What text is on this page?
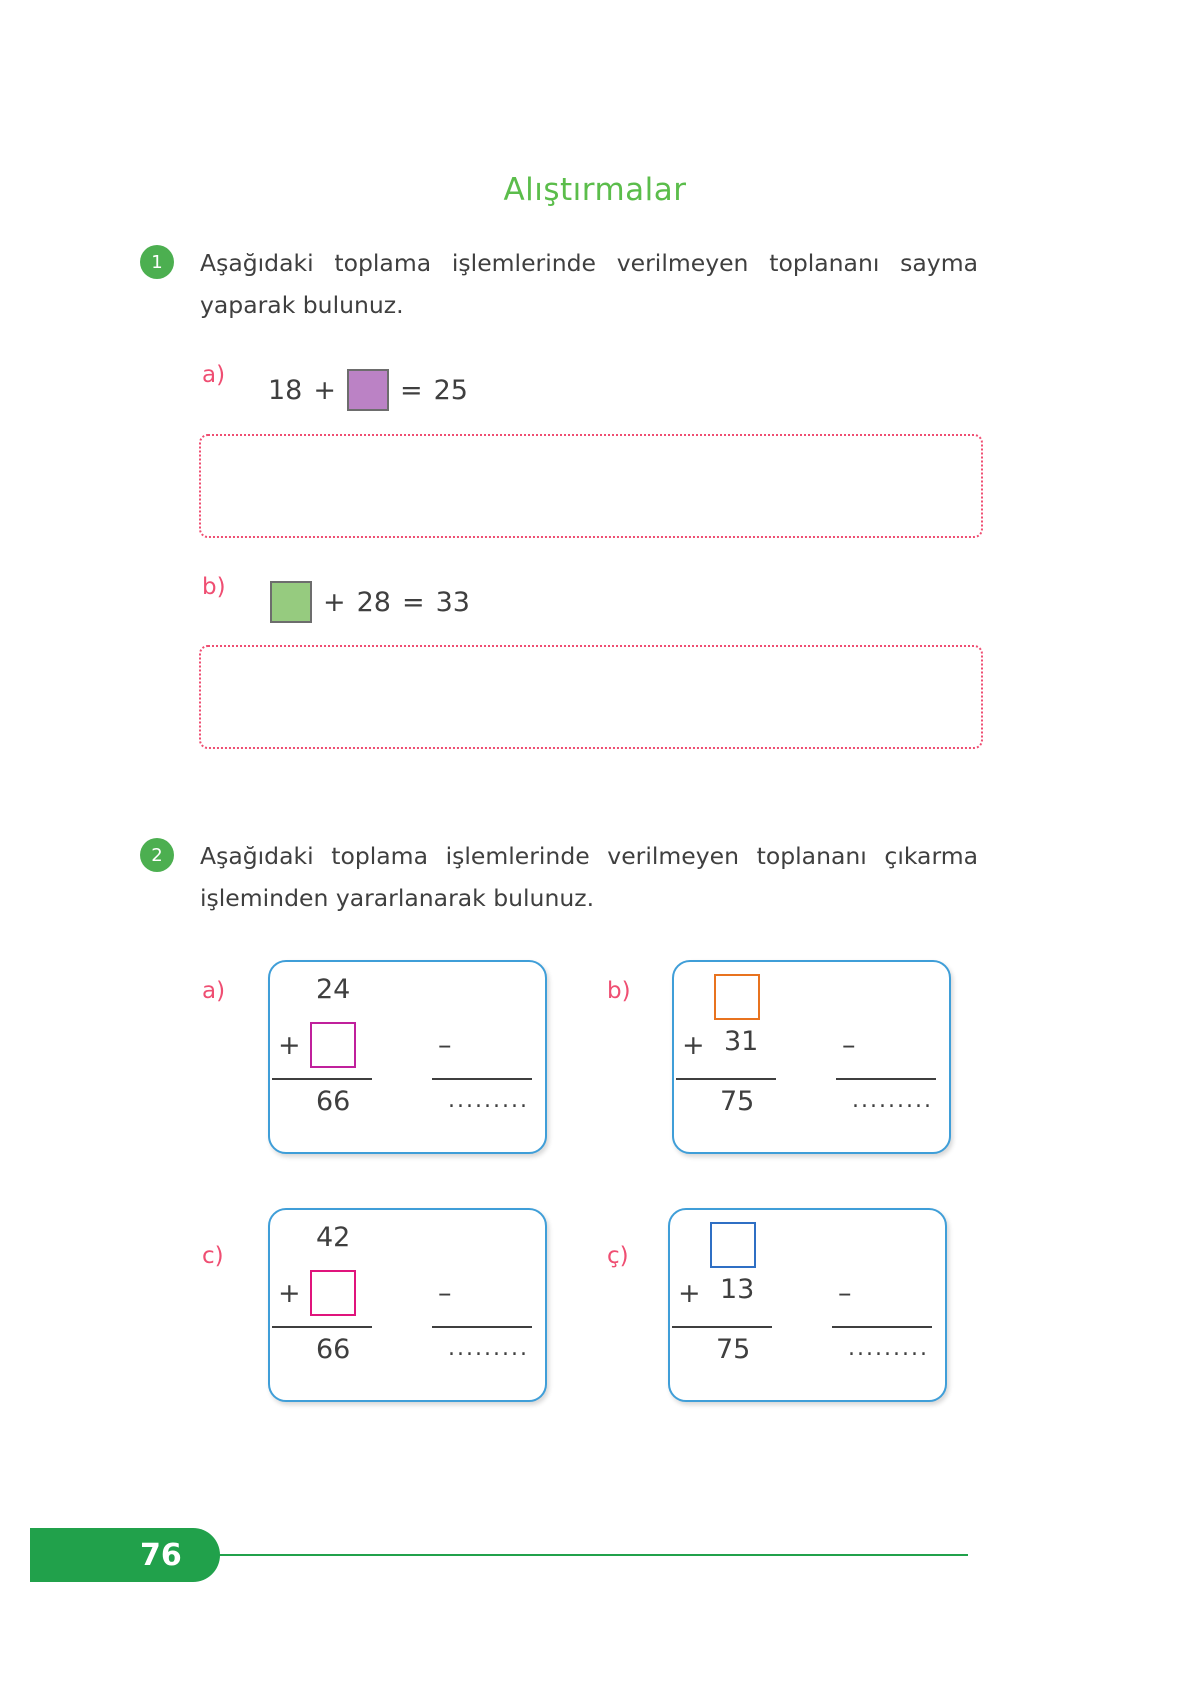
Alıştırmalar
1	Aşağıdaki toplama işlemlerinde verilmeyen toplananı sayma yaparak bulunuz.
a) 18 + = 25
b)	+ 28 = 33
2	Aşağıdaki toplama işlemlerinde verilmeyen toplananı çıkarma işleminden yararlanarak bulunuz.
a)	24
+
66
–
.........
b)
+ 31
75
–
.........
c)
42
+
66
–
.........
ç)
+ 13
75
–
.........
76
